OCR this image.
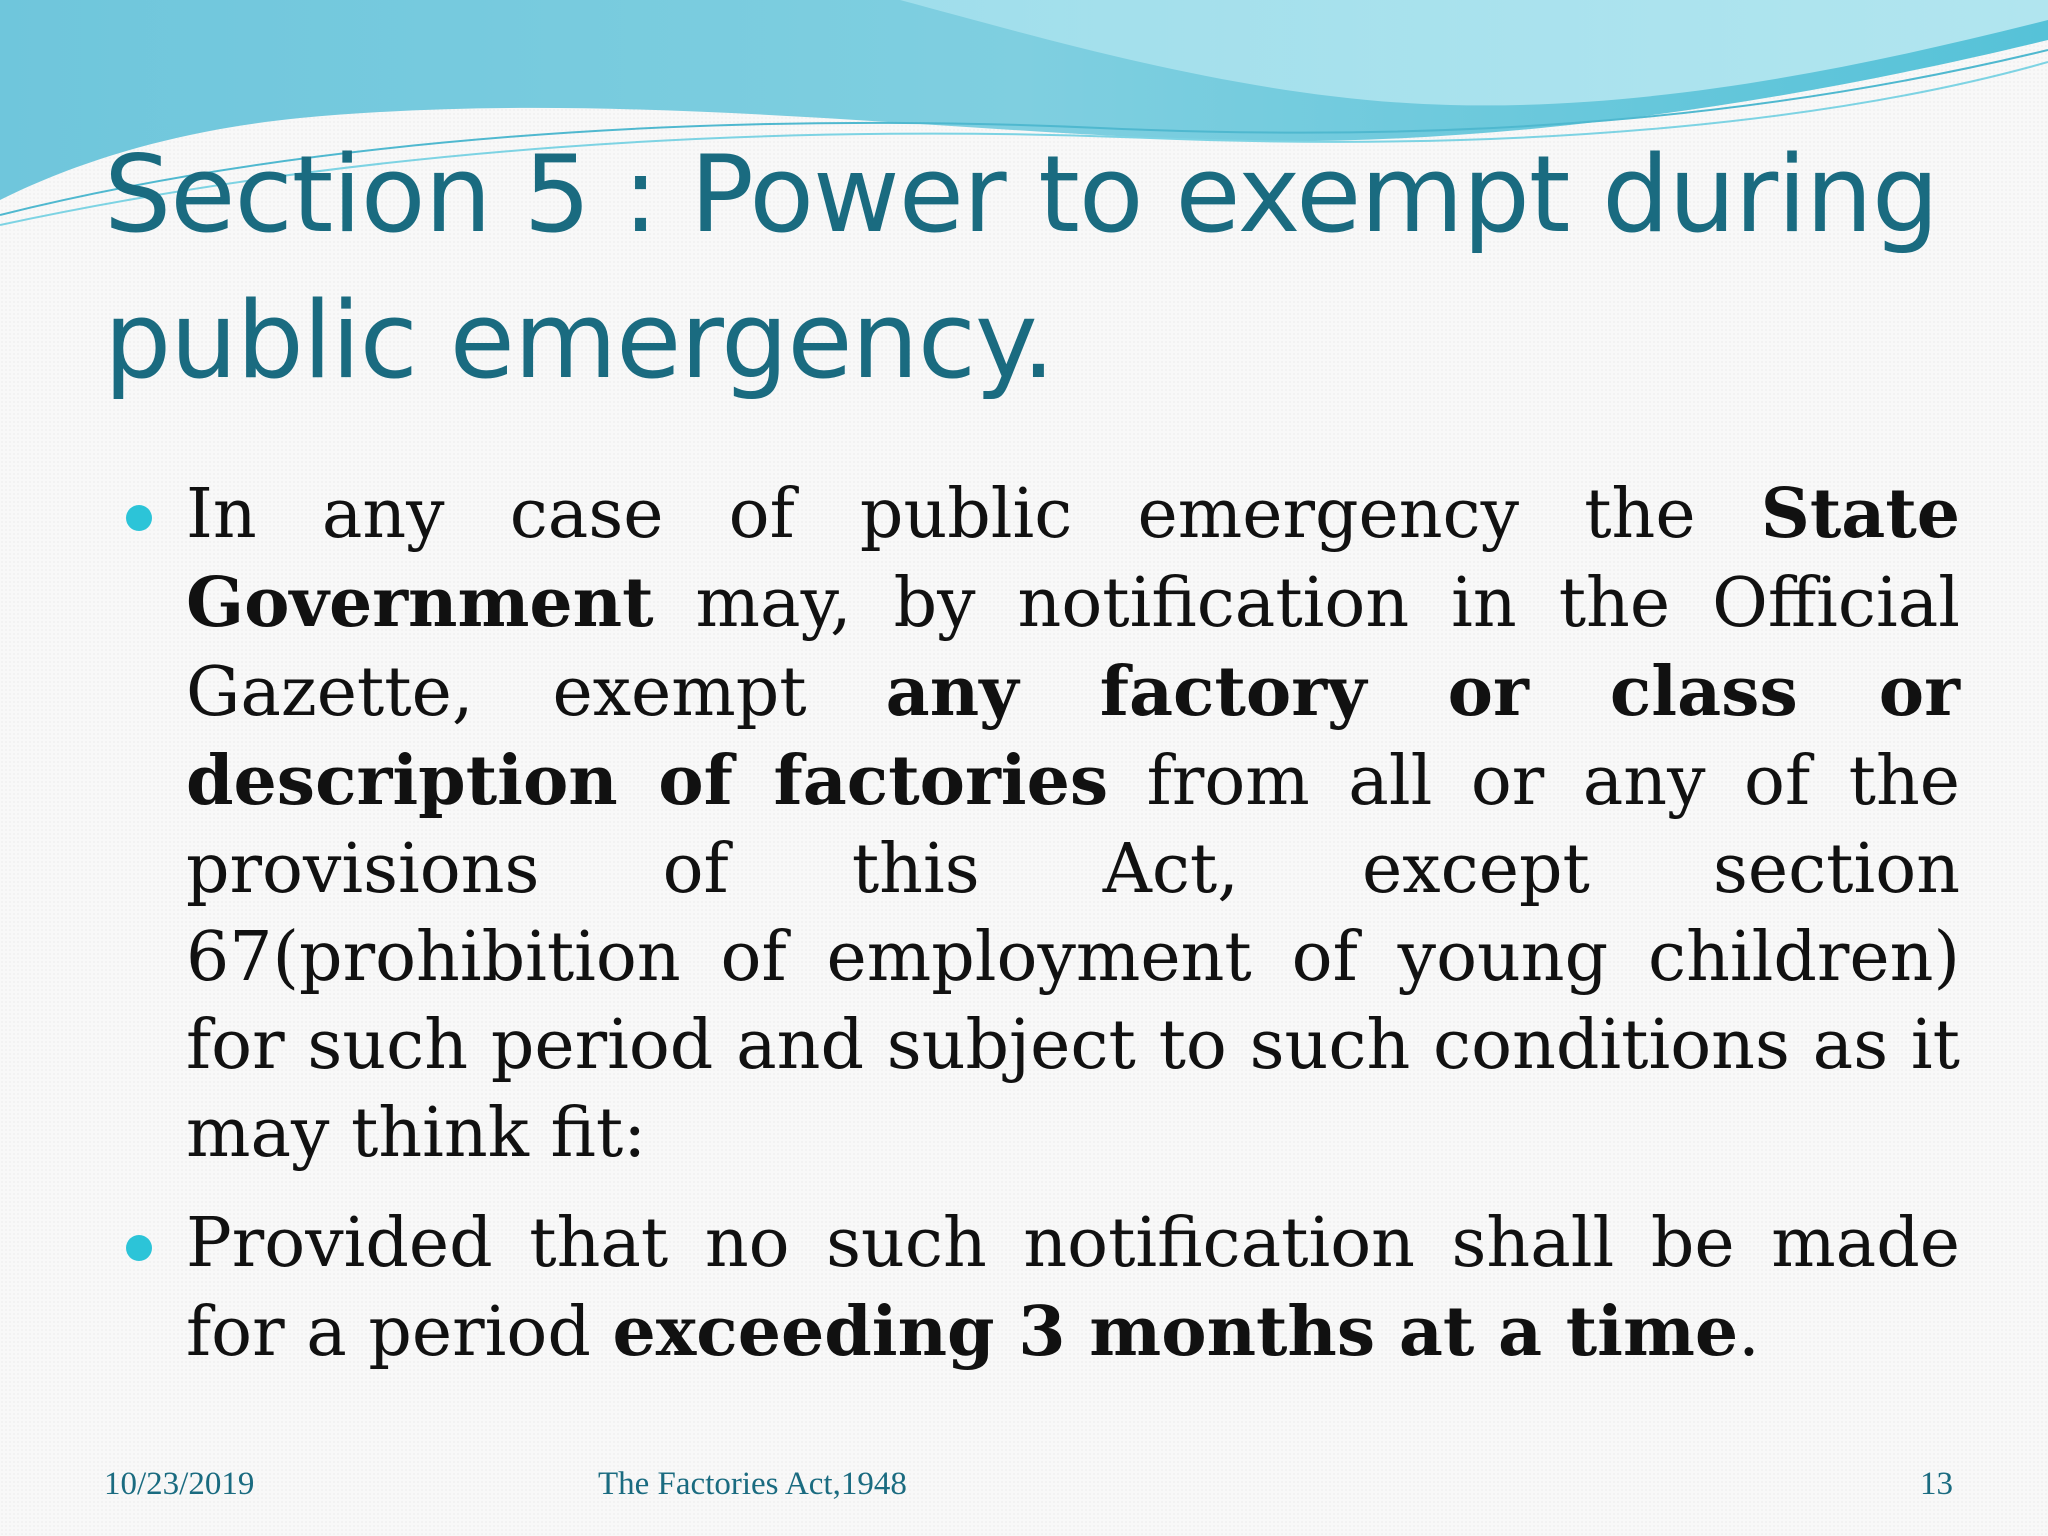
Section 5 : Power to exempt during public emergency.
In any case of public emergency the State Government may, by notification in the Official Gazette, exempt any factory or class or description of factories from all or any of the provisions of this Act, except section 67(prohibition of employment of young children) for such period and subject to such conditions as it may think fit:
Provided that no such notification shall be made for a period exceeding 3 months at a time.
10/23/2019	The Factories Act,1948	13
